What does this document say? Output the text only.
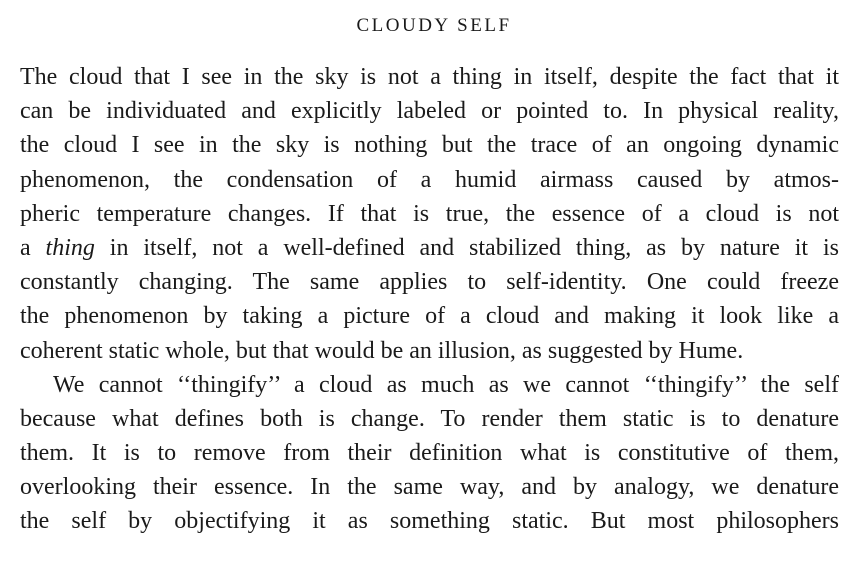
CLOUDY SELF
The cloud that I see in the sky is not a thing in itself, despite the fact that it
can be individuated and explicitly labeled or pointed to. In physical reality,
the cloud I see in the sky is nothing but the trace of an ongoing dynamic
phenomenon, the condensation of a humid airmass caused by atmos-
pheric temperature changes. If that is true, the essence of a cloud is not
a thing in itself, not a well-defined and stabilized thing, as by nature it is
constantly changing. The same applies to self-identity. One could freeze
the phenomenon by taking a picture of a cloud and making it look like a
coherent static whole, but that would be an illusion, as suggested by Hume.
We cannot ‘‘thingify’’ a cloud as much as we cannot ‘‘thingify’’ the self
because what defines both is change. To render them static is to denature
them. It is to remove from their definition what is constitutive of them,
overlooking their essence. In the same way, and by analogy, we denature
the self by objectifying it as something static. But most philosophers
